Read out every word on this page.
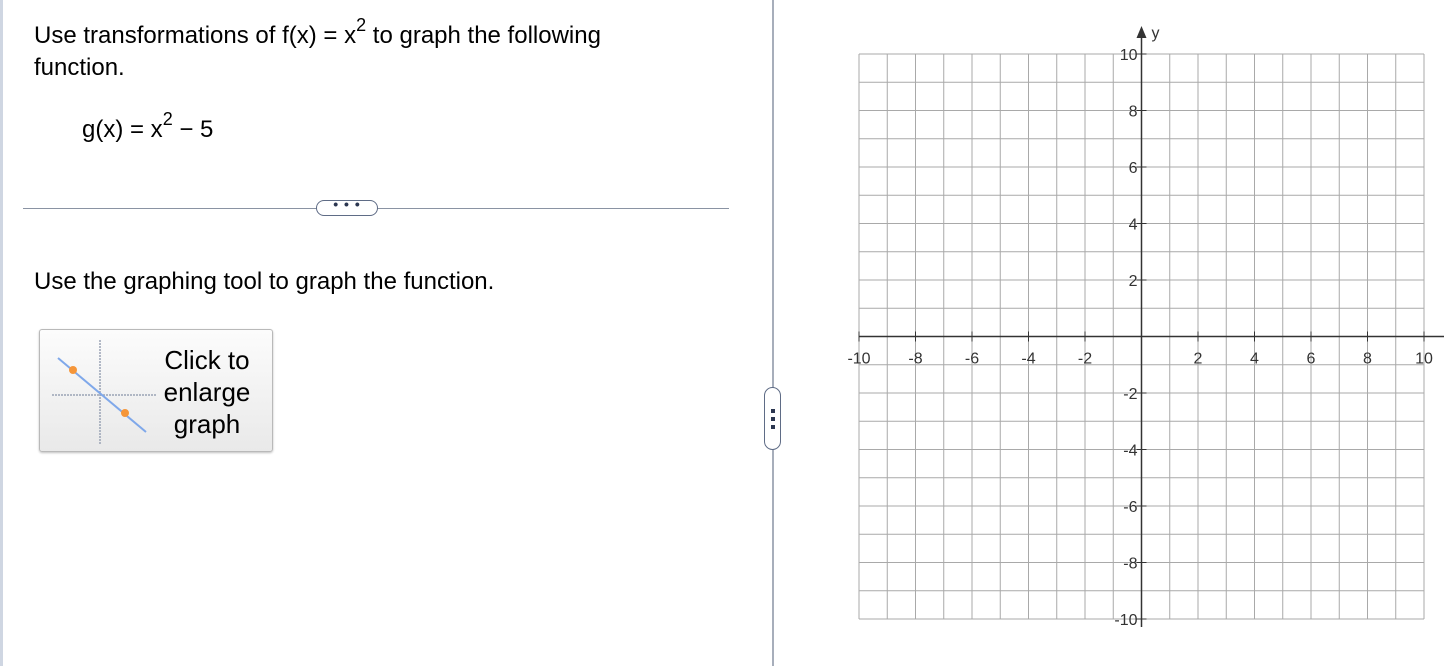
Use transformations of $f(x) = x^2$ to graph the following
function.
$g(x) = x^2 - 5$
• • •
Use the graphing tool to graph the function.
Click to
enlarge
graph
y
-10 -8	-6	-4	-2	2	4	6	8	10
10
8
6
4
2
-2
-4
-6
-8
-10
